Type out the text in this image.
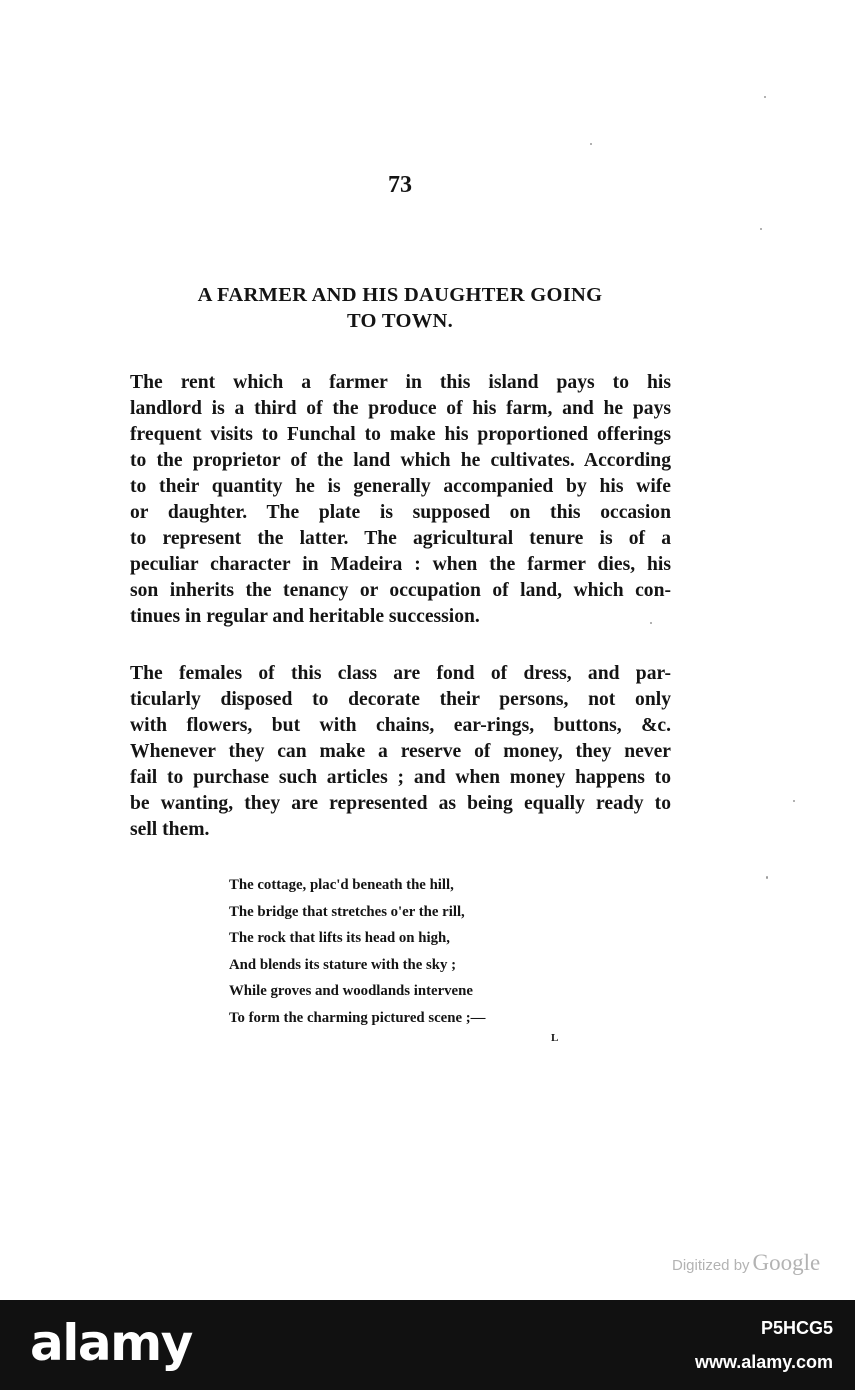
73
A FARMER AND HIS DAUGHTER GOING
TO TOWN.
The rent which a farmer in this island pays to his
landlord is a third of the produce of his farm, and he pays
frequent visits to Funchal to make his proportioned offerings
to the proprietor of the land which he cultivates. According
to their quantity he is generally accompanied by his wife
or daughter. The plate is supposed on this occasion
to represent the latter. The agricultural tenure is of a
peculiar character in Madeira : when the farmer dies, his
son inherits the tenancy or occupation of land, which con-
tinues in regular and heritable succession.
The females of this class are fond of dress, and par-
ticularly disposed to decorate their persons, not only
with flowers, but with chains, ear-rings, buttons, &c.
Whenever they can make a reserve of money, they never
fail to purchase such articles ; and when money happens to
be wanting, they are represented as being equally ready to
sell them.
The cottage, plac'd beneath the hill,
The bridge that stretches o'er the rill,
The rock that lifts its head on high,
And blends its stature with the sky ;
While groves and woodlands intervene
To form the charming pictured scene ;—
L
Digitized by Google
alamy	P5HCG5
www.alamy.com
